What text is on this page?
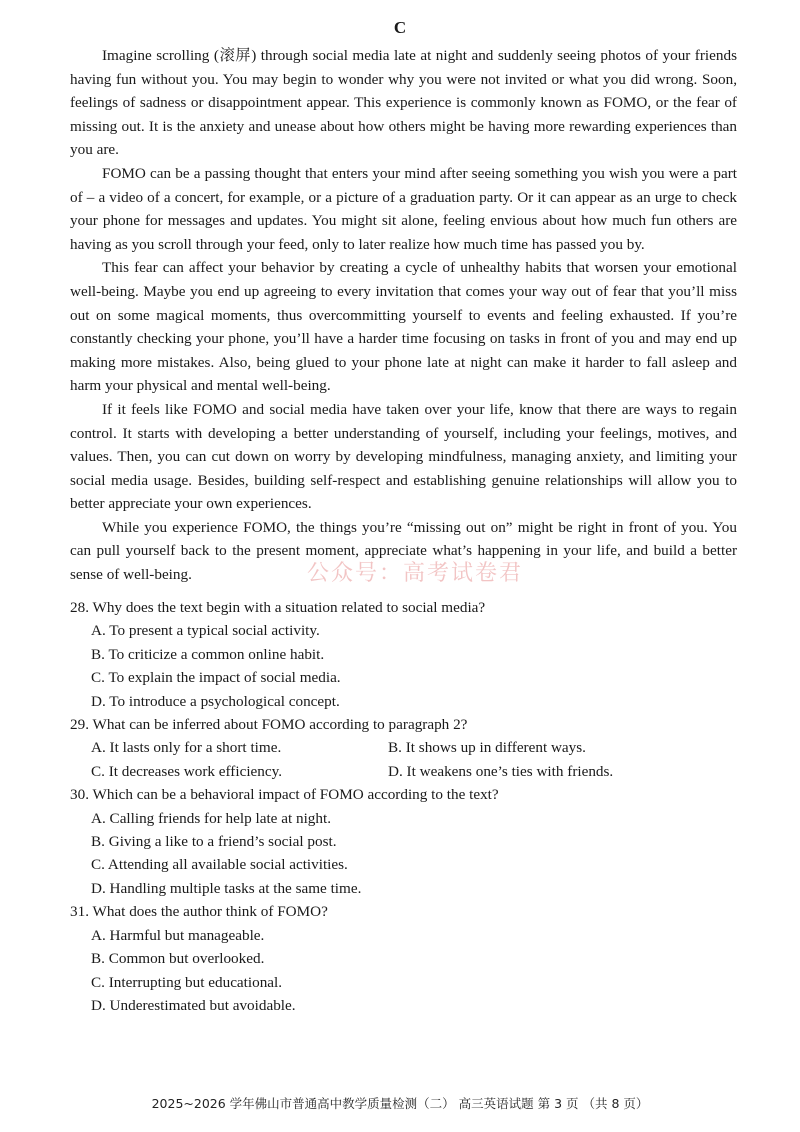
C

Imagine scrolling (滚屏) through social media late at night and suddenly seeing photos of your friends having fun without you. You may begin to wonder why you were not invited or what you did wrong. Soon, feelings of sadness or disappointment appear. This experience is commonly known as FOMO, or the fear of missing out. It is the anxiety and unease about how others might be having more rewarding experiences than you are.

FOMO can be a passing thought that enters your mind after seeing something you wish you were a part of – a video of a concert, for example, or a picture of a graduation party. Or it can appear as an urge to check your phone for messages and updates. You might sit alone, feeling envious about how much fun others are having as you scroll through your feed, only to later realize how much time has passed you by.

This fear can affect your behavior by creating a cycle of unhealthy habits that worsen your emotional well-being. Maybe you end up agreeing to every invitation that comes your way out of fear that you’ll miss out on some magical moments, thus overcommitting yourself to events and feeling exhausted. If you’re constantly checking your phone, you’ll have a harder time focusing on tasks in front of you and may end up making more mistakes. Also, being glued to your phone late at night can make it harder to fall asleep and harm your physical and mental well-being.

If it feels like FOMO and social media have taken over your life, know that there are ways to regain control. It starts with developing a better understanding of yourself, including your feelings, motives, and values. Then, you can cut down on worry by developing mindfulness, managing anxiety, and limiting your social media usage. Besides, building self-respect and establishing genuine relationships will allow you to better appreciate your own experiences.

While you experience FOMO, the things you’re “missing out on” might be right in front of you. You can pull yourself back to the present moment, appreciate what’s happening in your life, and build a better sense of well-being.	公众号：高考试卷君

28. Why does the text begin with a situation related to social media?

A. To present a typical social activity.

B. To criticize a common online habit.

C. To explain the impact of social media.

D. To introduce a psychological concept.

29. What can be inferred about FOMO according to paragraph 2?

A. It lasts only for a short time.	B. It shows up in different ways.
C. It decreases work efficiency.	D. It weakens one’s ties with friends.

30. Which can be a behavioral impact of FOMO according to the text?

A. Calling friends for help late at night.

B. Giving a like to a friend’s social post.

C. Attending all available social activities.

D. Handling multiple tasks at the same time.

31. What does the author think of FOMO?

A. Harmful but manageable.

B. Common but overlooked.

C. Interrupting but educational.

D. Underestimated but avoidable.

2025~2026 学年佛山市普通高中教学质量检测（二） 高三英语试题 第 3 页 （共 8 页）
